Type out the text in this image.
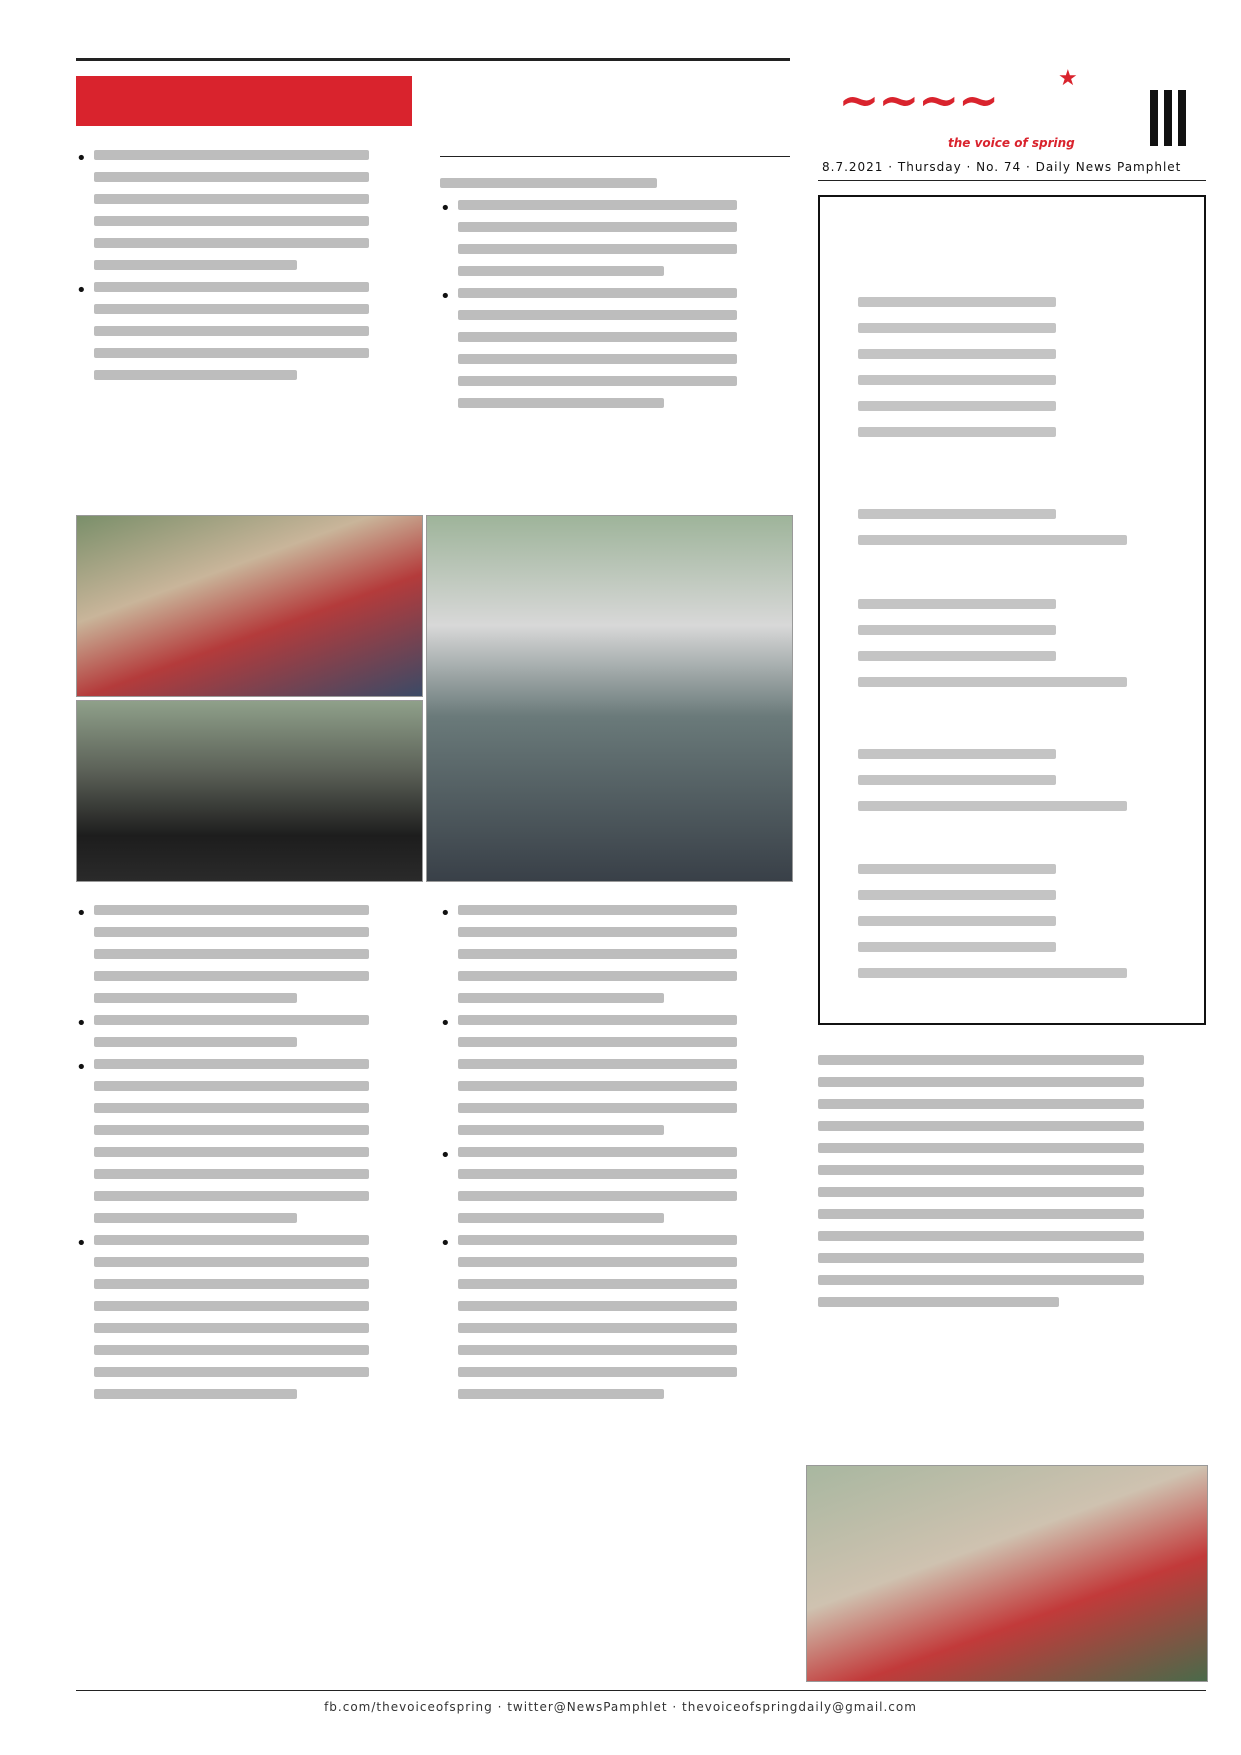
~~~~	★
the voice of spring
8.7.2021 · Thursday · No. 74 · Daily News Pamphlet
•
•
•
•
•
•
•
•
•
•
•
•
fb.com/thevoiceofspring · twitter@NewsPamphlet · thevoiceofspringdaily@gmail.com
